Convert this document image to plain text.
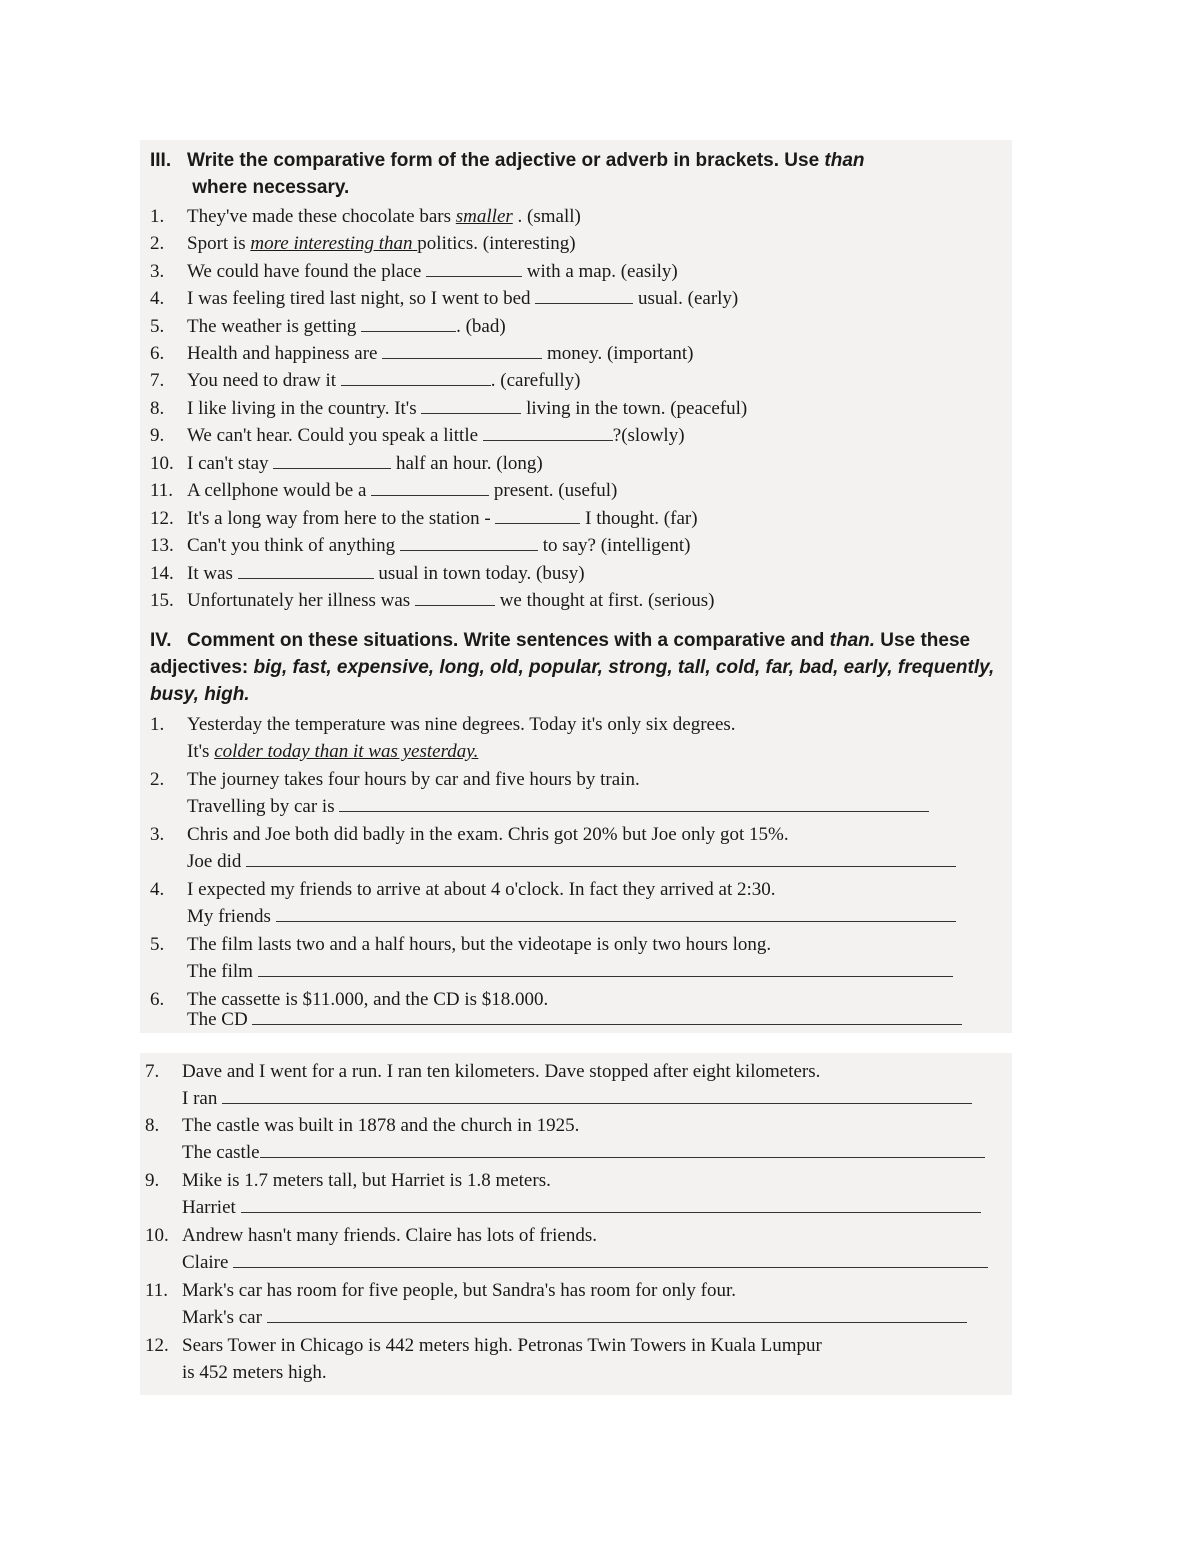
III. Write the comparative form of the adjective or adverb in brackets. Use than
where necessary.
1. They've made these chocolate bars smaller . (small)
2. Sport is more interesting than politics. (interesting)
3. We could have found the place	with a map. (easily)
4. I was feeling tired last night, so I went to bed	usual. (early)
5. The weather is getting	. (bad)
6. Health and happiness are	money. (important)
7. You need to draw it	. (carefully)
8. I like living in the country. It's	living in the town. (peaceful)
9. We can't hear. Could you speak a little	?(slowly)
10. I can't stay	half an hour. (long)
11. A cellphone would be a	present. (useful)
12. It's a long way from here to the station -	I thought. (far)
13. Can't you think of anything	to say? (intelligent)
14. It was	usual in town today. (busy)
15. Unfortunately her illness was	we thought at first. (serious)
IV. Comment on these situations. Write sentences with a comparative and than. Use these adjectives: big, fast, expensive, long, old, popular, strong, tall, cold, far, bad, early, frequently, busy, high.
1. Yesterday the temperature was nine degrees. Today it's only six degrees.
It's colder today than it was yesterday.
2. The journey takes four hours by car and five hours by train.
Travelling by car is
3. Chris and Joe both did badly in the exam. Chris got 20% but Joe only got 15%.
Joe did
4. I expected my friends to arrive at about 4 o'clock. In fact they arrived at 2:30.
My friends
5. The film lasts two and a half hours, but the videotape is only two hours long.
The film
6. The cassette is $11.000, and the CD is $18.000.
The CD
7. Dave and I went for a run. I ran ten kilometers. Dave stopped after eight kilometers.
I ran
8. The castle was built in 1878 and the church in 1925.
The castle
9. Mike is 1.7 meters tall, but Harriet is 1.8 meters.
Harriet
10. Andrew hasn't many friends. Claire has lots of friends.
Claire
11. Mark's car has room for five people, but Sandra's has room for only four.
Mark's car
12. Sears Tower in Chicago is 442 meters high. Petronas Twin Towers in Kuala Lumpur
is 452 meters high.
